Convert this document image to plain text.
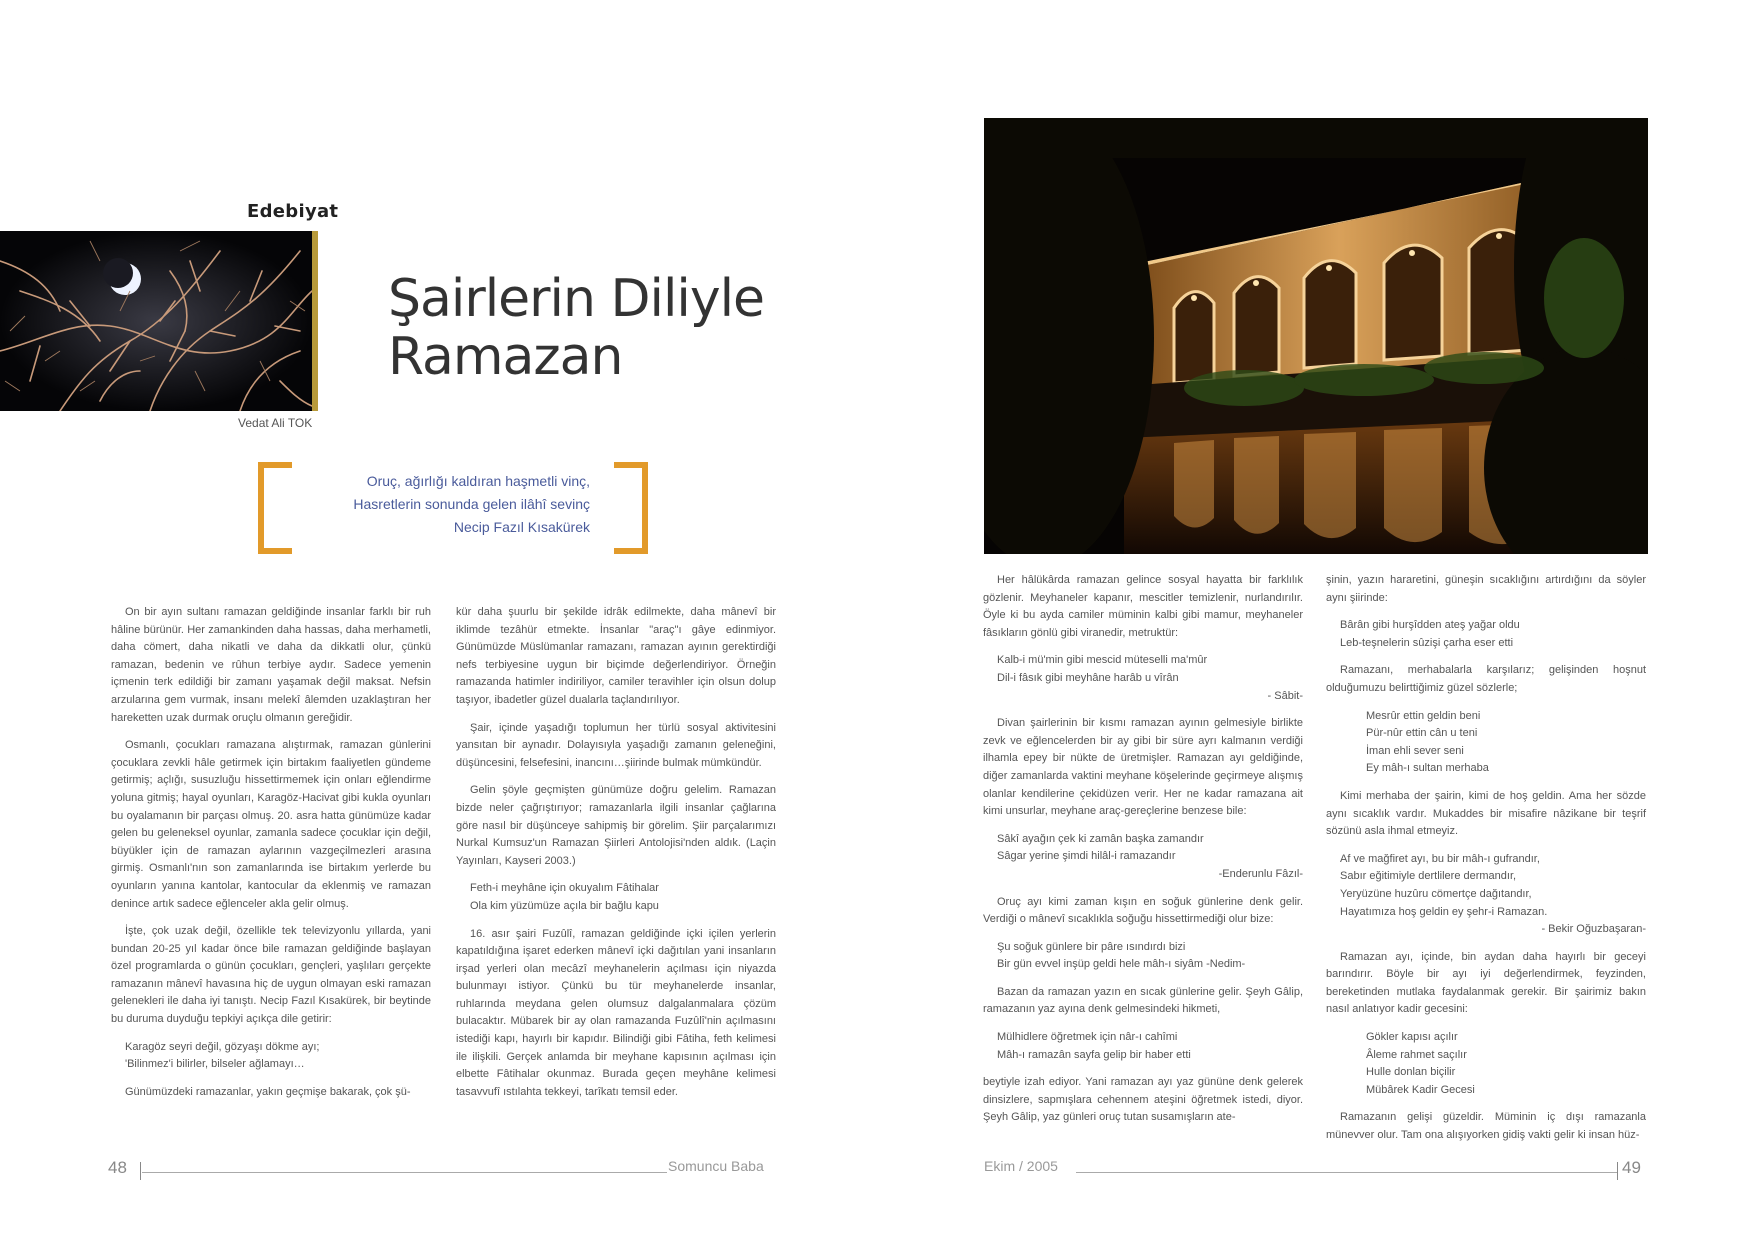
Edebiyat
Vedat Ali TOK
Şairlerin Diliyle
Ramazan
Oruç, ağırlığı kaldıran haşmetli vinç,
Hasretlerin sonunda gelen ilâhî sevinç
Necip Fazıl Kısakürek

On bir ayın sultanı ramazan geldiğinde insanlar farklı bir ruh hâline bürünür. Her zamankinden daha hassas, daha merhametli, daha cömert, daha nikatli ve daha da dikkatli olur, çünkü ramazan, bedenin ve rûhun terbiye aydır. Sadece yemenin içmenin terk edildiği bir zamanı yaşamak değil maksat. Nefsin arzularına gem vurmak, insanı melekî âlemden uzaklaştıran her hareketten uzak durmak oruçlu olmanın gereğidir.

Osmanlı, çocukları ramazana alıştırmak, ramazan günlerini çocuklara zevkli hâle getirmek için birtakım faaliyetlen gündeme getirmiş; açlığı, susuzluğu hissettirmemek için onları eğlendirme yoluna gitmiş; hayal oyunları, Karagöz-Hacivat gibi kukla oyunları bu oyalamanın bir parçası olmuş. 20. asra hatta günümüze kadar gelen bu geleneksel oyunlar, zamanla sadece çocuklar için değil, büyükler için de ramazan aylarının vazgeçilmezleri arasına girmiş. Osmanlı'nın son zamanlarında ise birtakım yerlerde bu oyunların yanına kantolar, kantocular da eklenmiş ve ramazan denince artık sadece eğlenceler akla gelir olmuş.

İşte, çok uzak değil, özellikle tek televizyonlu yıllarda, yani bundan 20-25 yıl kadar önce bile ramazan geldiğinde başlayan özel programlarda o günün çocukları, gençleri, yaşlıları gerçekte ramazanın mânevî havasına hiç de uygun olmayan eski ramazan gelenekleri ile daha iyi tanıştı. Necip Fazıl Kısakürek, bir beytinde bu duruma duyduğu tepkiyi açıkça dile getirir:

Karagöz seyri değil, gözyaşı dökme ayı;
'Bilinmez'i bilirler, bilseler ağlamayı…

Günümüzdeki ramazanlar, yakın geçmişe bakarak, çok şü-

kür daha şuurlu bir şekilde idrâk edilmekte, daha mânevî bir iklimde tezâhür etmekte. İnsanlar "araç"ı gâye edinmiyor. Günümüzde Müslümanlar ramazanı, ramazan ayının gerektirdiği nefs terbiyesine uygun bir biçimde değerlendiriyor. Örneğin ramazanda hatimler indiriliyor, camiler teravihler için olsun dolup taşıyor, ibadetler güzel dualarla taçlandırılıyor.

Şair, içinde yaşadığı toplumun her türlü sosyal aktivitesini yansıtan bir aynadır. Dolayısıyla yaşadığı zamanın geleneğini, düşüncesini, felsefesini, inancını…şiirinde bulmak mümkündür.

Gelin şöyle geçmişten günümüze doğru gelelim. Ramazan bizde neler çağrıştırıyor; ramazanlarla ilgili insanlar çağlarına göre nasıl bir düşünceye sahipmiş bir görelim. Şiir parçalarımızı Nurkal Kumsuz'un Ramazan Şiirleri Antolojisi'nden aldık. (Laçin Yayınları, Kayseri 2003.)

Feth-i meyhâne için okuyalım Fâtihalar
Ola kim yüzümüze açıla bir bağlu kapu

16. asır şairi Fuzûlî, ramazan geldiğinde içki içilen yerlerin kapatıldığına işaret ederken mânevî içki dağıtılan yani insanların irşad yerleri olan mecâzî meyhanelerin açılması için niyazda bulunmayı istiyor. Çünkü bu tür meyhanelerde insanlar, ruhlarında meydana gelen olumsuz dalgalanmalara çözüm bulacaktır. Mübarek bir ay olan ramazanda Fuzûlî'nin açılmasını istediği kapı, hayırlı bir kapıdır. Bilindiği gibi Fâtiha, feth kelimesi ile ilişkili. Gerçek anlamda bir meyhane kapısının açılması için elbette Fâtihalar okunmaz. Burada geçen meyhâne kelimesi tasavvufî ıstılahta tekkeyi, tarîkatı temsil eder.

48	Somuncu Baba

Her hâlükârda ramazan gelince sosyal hayatta bir farklılık gözlenir. Meyhaneler kapanır, mescitler temizlenir, nurlandırılır. Öyle ki bu ayda camiler müminin kalbi gibi mamur, meyhaneler fâsıkların gönlü gibi viranedir, metruktür:

Kalb-i mü'min gibi mescid müteselli ma'mûr
Dil-i fâsık gibi meyhâne harâb u vîrân
- Sâbit-

Divan şairlerinin bir kısmı ramazan ayının gelmesiyle birlikte zevk ve eğlencelerden bir ay gibi bir süre ayrı kalmanın verdiği ilhamla epey bir nükte de üretmişler. Ramazan ayı geldiğinde, diğer zamanlarda vaktini meyhane köşelerinde geçirmeye alışmış olanlar kendilerine çekidüzen verir. Her ne kadar ramazana ait kimi unsurlar, meyhane araç-gereçlerine benzese bile:

Sâkî ayağın çek ki zamân başka zamandır
Sâgar yerine şimdi hilâl-i ramazandır
-Enderunlu Fâzıl-

Oruç ayı kimi zaman kışın en soğuk günlerine denk gelir. Verdiği o mânevî sıcaklıkla soğuğu hissettirmediği olur bize:

Şu soğuk günlere bir pâre ısındırdı bizi
Bir gün evvel inşüp geldi hele mâh-ı siyâm -Nedim-

Bazan da ramazan yazın en sıcak günlerine gelir. Şeyh Gâlip, ramazanın yaz ayına denk gelmesindeki hikmeti,

Mülhidlere öğretmek için nâr-ı cahîmi
Mâh-ı ramazân sayfa gelip bir haber etti

beytiyle izah ediyor. Yani ramazan ayı yaz gününe denk gelerek dinsizlere, sapmışlara cehennem ateşini öğretmek istedi, diyor. Şeyh Gâlip, yaz günleri oruç tutan susamışların ate-

şinin, yazın hararetini, güneşin sıcaklığını artırdığını da söyler aynı şiirinde:

Bârân gibi hurşîdden ateş yağar oldu
Leb-teşnelerin sûzişi çarha eser etti

Ramazanı, merhabalarla karşılarız; gelişinden hoşnut olduğumuzu belirttiğimiz güzel sözlerle;

Mesrûr ettin geldin beni
Pür-nûr ettin cân u teni
İman ehli sever seni
Ey mâh-ı sultan merhaba

Kimi merhaba der şairin, kimi de hoş geldin. Ama her sözde aynı sıcaklık vardır. Mukaddes bir misafire nâzikane bir teşrif sözünü asla ihmal etmeyiz.

Af ve mağfiret ayı, bu bir mâh-ı gufrandır,
Sabır eğitimiyle dertlilere dermandır,
Yeryüzüne huzûru cömertçe dağıtandır,
Hayatımıza hoş geldin ey şehr-i Ramazan.
- Bekir Oğuzbaşaran-

Ramazan ayı, içinde, bin aydan daha hayırlı bir geceyi barındırır. Böyle bir ayı iyi değerlendirmek, feyzinden, bereketinden mutlaka faydalanmak gerekir. Bir şairimiz bakın nasıl anlatıyor kadir gecesini:

Gökler kapısı açılır
Âleme rahmet saçılır
Hulle donlan biçilir
Mübârek Kadir Gecesi

Ramazanın gelişi güzeldir. Müminin iç dışı ramazanla münevver olur. Tam ona alışıyorken gidiş vakti gelir ki insan hüz-

Ekim / 2005	49
